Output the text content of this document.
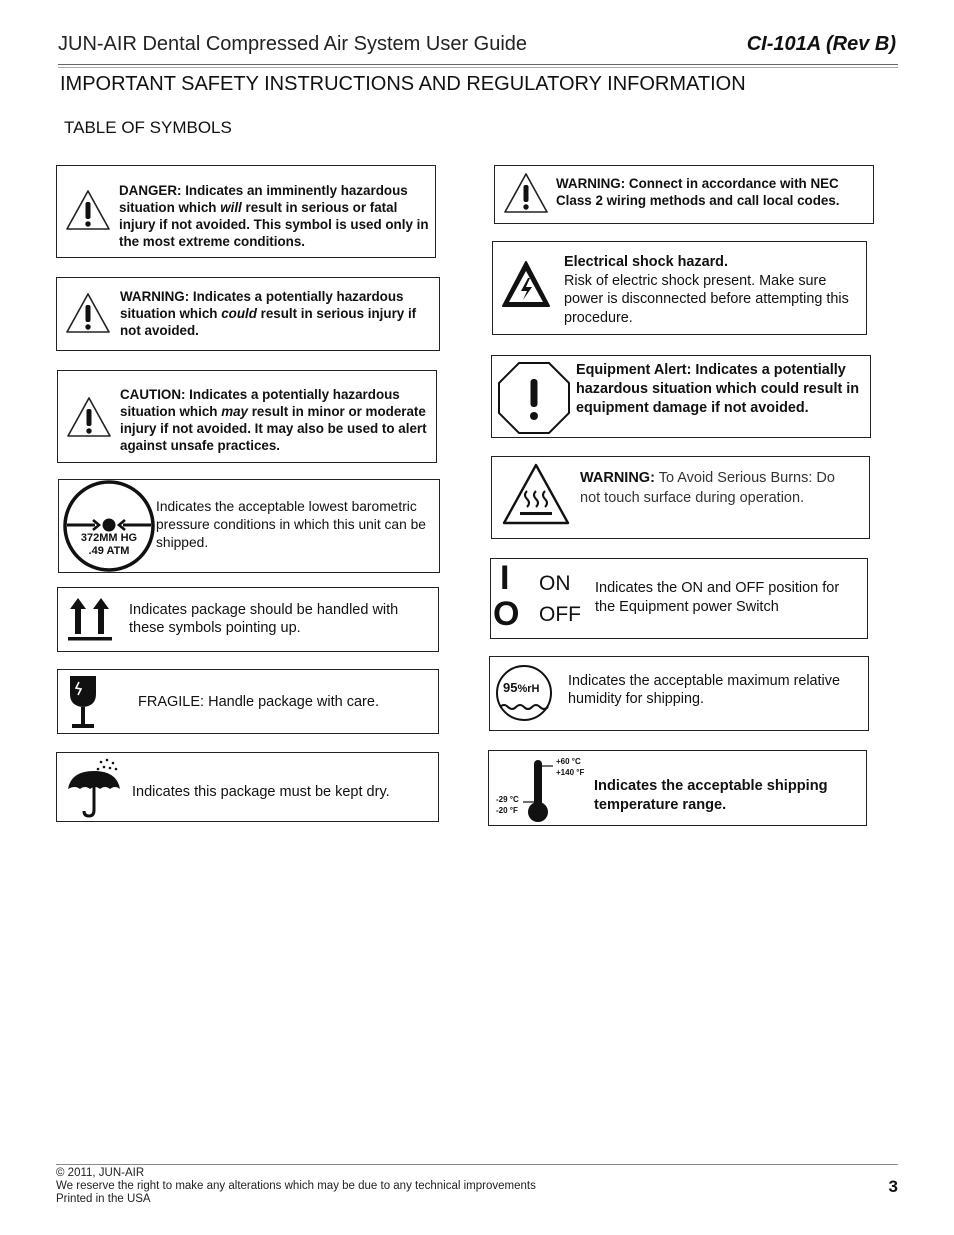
JUN-AIR Dental Compressed Air System User Guide	CI-101A (Rev B)
IMPORTANT SAFETY INSTRUCTIONS AND REGULATORY INFORMATION
TABLE OF SYMBOLS
DANGER: Indicates an imminently hazardous situation which will result in serious or fatal injury if not avoided. This symbol is used only in the most extreme conditions.
WARNING: Indicates a potentially hazardous situation which could result in serious injury if not avoided.
CAUTION: Indicates a potentially hazardous situation which may result in minor or moderate injury if not avoided. It may also be used to alert against unsafe practices.
372MM HG
.49 ATM
Indicates the acceptable lowest barometric pressure conditions in which this unit can be shipped.
Indicates package should be handled with these symbols pointing up.
FRAGILE: Handle package with care.
Indicates this package must be kept dry.
WARNING: Connect in accordance with NEC Class 2 wiring methods and call local codes.
Electrical shock hazard.
Risk of electric shock present. Make sure power is disconnected before attempting this procedure.
Equipment Alert: Indicates a potentially hazardous situation which could result in equipment damage if not avoided.
WARNING: To Avoid Serious Burns: Do not touch surface during operation.
I
O
ON
OFF
Indicates the ON and OFF position for the Equipment power Switch
95%rH Indicates the acceptable maximum relative humidity for shipping.
+60 °C
+140 °F
-29 °C
-20 °F
Indicates the acceptable shipping temperature range.
© 2011, JUN-AIR
We reserve the right to make any alterations which may be due to any technical improvements
Printed in the USA
3
